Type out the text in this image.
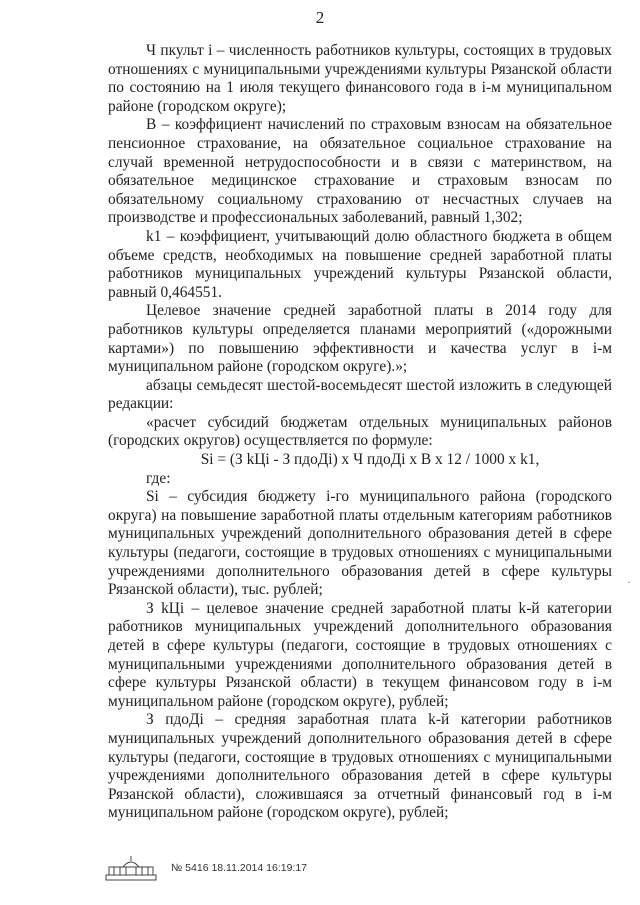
2

Ч пкульт i – численность работников культуры, состоящих в трудовых отношениях с муниципальными учреждениями культуры Рязанской области по состоянию на 1 июля текущего финансового года в i-м муниципальном районе (городском округе);

В – коэффициент начислений по страховым взносам на обязательное пенсионное страхование, на обязательное социальное страхование на случай временной нетрудоспособности и в связи с материнством, на обязательное медицинское страхование и страховым взносам по обязательному социальному страхованию от несчастных случаев на производстве и профессиональных заболеваний, равный 1,302;

k1 – коэффициент, учитывающий долю областного бюджета в общем объеме средств, необходимых на повышение средней заработной платы работников муниципальных учреждений культуры Рязанской области, равный 0,464551.

Целевое значение средней заработной платы в 2014 году для работников культуры определяется планами мероприятий («дорожными картами») по повышению эффективности и качества услуг в i-м муниципальном районе (городском округе).»;

абзацы семьдесят шестой-восемьдесят шестой изложить в следующей редакции:

«расчет субсидий бюджетам отдельных муниципальных районов (городских округов) осуществляется по формуле:

Si = (З kЦi - З пдоДi) x Ч пдоДi x В x 12 / 1000 x k1,

где:

Si – субсидия бюджету i-го муниципального района (городского округа) на повышение заработной платы отдельным категориям работников муниципальных учреждений дополнительного образования детей в сфере культуры (педагоги, состоящие в трудовых отношениях с муниципальными учреждениями дополнительного образования детей в сфере культуры Рязанской области), тыс. рублей;

З kЦi – целевое значение средней заработной платы k-й категории работников муниципальных учреждений дополнительного образования детей в сфере культуры (педагоги, состоящие в трудовых отношениях с муниципальными учреждениями дополнительного образования детей в сфере культуры Рязанской области) в текущем финансовом году в i-м муниципальном районе (городском округе), рублей;

З пдоДi – средняя заработная плата k-й категории работников муниципальных учреждений дополнительного образования детей в сфере культуры (педагоги, состоящие в трудовых отношениях с муниципальными учреждениями дополнительного образования детей в сфере культуры Рязанской области), сложившаяся за отчетный финансовый год в i-м муниципальном районе (городском округе), рублей;

·
№ 5416 18.11.2014 16:19:17
